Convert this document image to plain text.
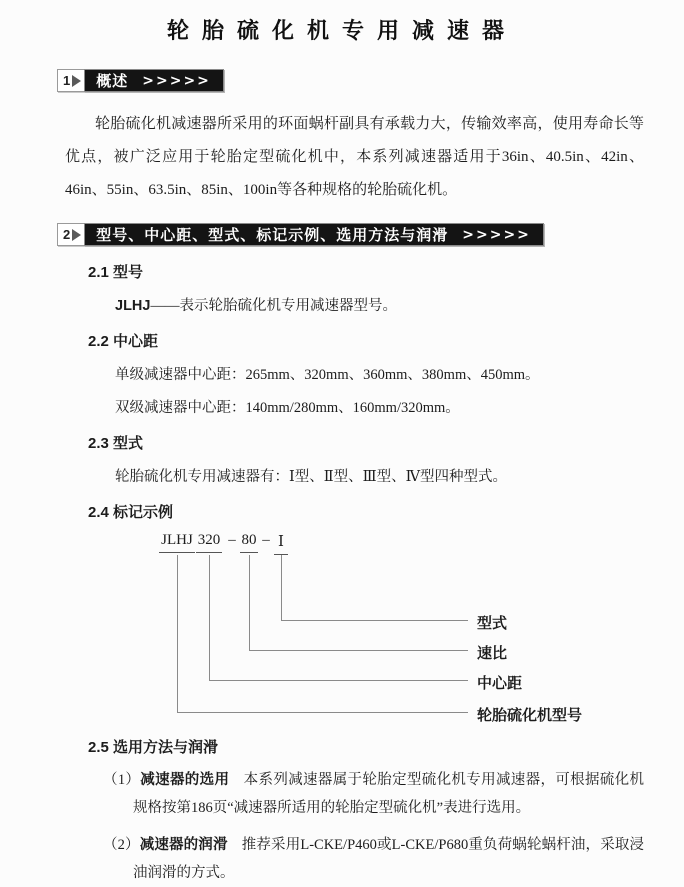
轮胎硫化机专用减速器
1 概述 >>>>>
轮胎硫化机减速器所采用的环面蜗杆副具有承载力大，传输效率高，使用寿命长等优点，被广泛应用于轮胎定型硫化机中，本系列减速器适用于36in、40.5in、42in、46in、55in、63.5in、85in、100in等各种规格的轮胎硫化机。
2 型号、中心距、型式、标记示例、选用方法与润滑 >>>>>
2.1 型号
JLHJ——表示轮胎硫化机专用减速器型号。
2.2 中心距
单级减速器中心距：265mm、320mm、360mm、380mm、450mm。
双级减速器中心距：140mm/280mm、160mm/320mm。
2.3 型式
轮胎硫化机专用减速器有：Ⅰ型、Ⅱ型、Ⅲ型、Ⅳ型四种型式。
2.4 标记示例
JLHJ 320 – 80 – Ⅰ
型式
速比
中心距
轮胎硫化机型号
2.5 选用方法与润滑
（1）减速器的选用 本系列减速器属于轮胎定型硫化机专用减速器，可根据硫化机规格按第186页“减速器所适用的轮胎定型硫化机”表进行选用。
（2）减速器的润滑 推荐采用L-CKE/P460或L-CKE/P680重负荷蜗轮蜗杆油，采取浸油润滑的方式。
